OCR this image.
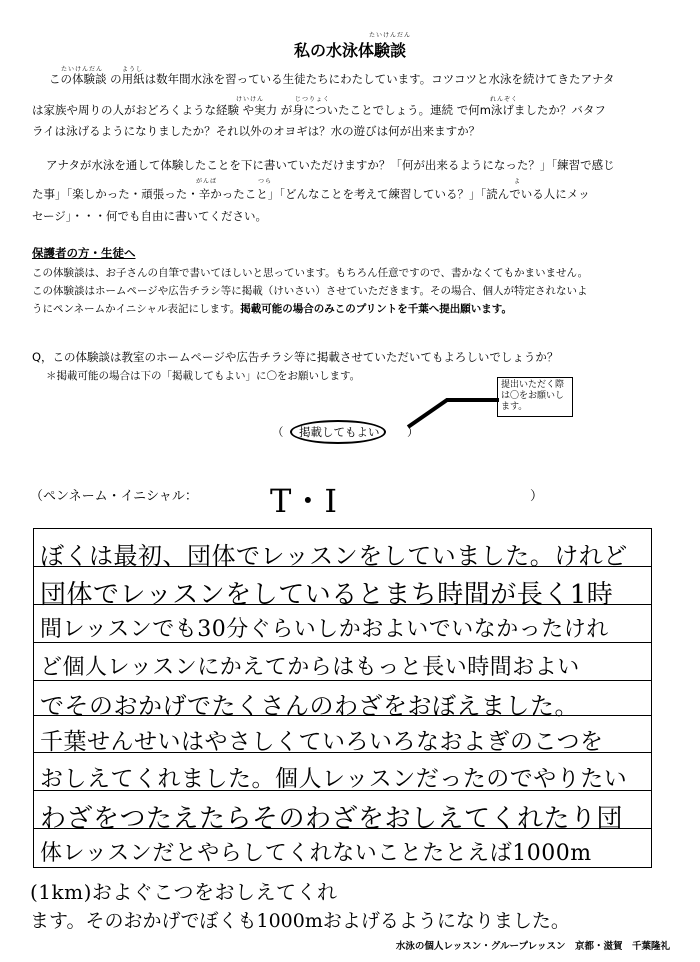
たいけんだん
私の水泳体験談
たいけんだん	ようし
この体験談 の用紙は数年間水泳を習っている生徒たちにわたしています。コツコツと水泳を続けてきたアナタ
けいけん	じつりょく	れんぞく
は家族や周りの人がおどろくような経験 や実力 が身についたことでしょう。連続 で何m泳げましたか？バタフ
ライは泳げるようになりましたか？それ以外のオヨギは？水の遊びは何が出来ますか？
アナタが水泳を通して体験したことを下に書いていただけますか？「何が出来るようになった？」「練習で感じ
がんば	つら	よ
た事」「楽しかった・頑張った・辛かったこと」「どんなことを考えて練習している？」「読んでいる人にメッ
セージ」・・・何でも自由に書いてください。
保護者の方・生徒へ
この体験談は、お子さんの自筆で書いてほしいと思っています。もちろん任意ですので、書かなくてもかまいません。
この体験談はホームページや広告チラシ等に掲載（けいさい）させていただきます。その場合、個人が特定されないよ
うにペンネームかイニシャル表記にします。掲載可能の場合のみこのプリントを千葉へ提出願います。
Q，この体験談は教室のホームページや広告チラシ等に掲載させていただいてもよろしいでしょうか？
＊掲載可能の場合は下の「掲載してもよい」に〇をお願いします。
提出いただく際
は〇をお願いし
ます。
（ 掲載してもよい ）
（ペンネーム・イニシャル： T・I	）
ぼくは最初、団体でレッスンをしていました。けれど
団体でレッスンをしているとまち時間が長く1時
間レッスンでも30分ぐらいしかおよいでいなかったけれ
ど個人レッスンにかえてからはもっと長い時間およい
でそのおかげでたくさんのわざをおぼえました。
千葉せんせいはやさしくていろいろなおよぎのこつを
おしえてくれました。個人レッスンだったのでやりたい
わざをつたえたらそのわざをおしえてくれたり団
体レッスンだとやらしてくれないことたとえば1000m
(1km)およぐこつをおしえてくれ
ます。そのおかげでぼくも1000mおよげるようになりました。
水泳の個人レッスン・グループレッスン　京都・滋賀　千葉隆礼
